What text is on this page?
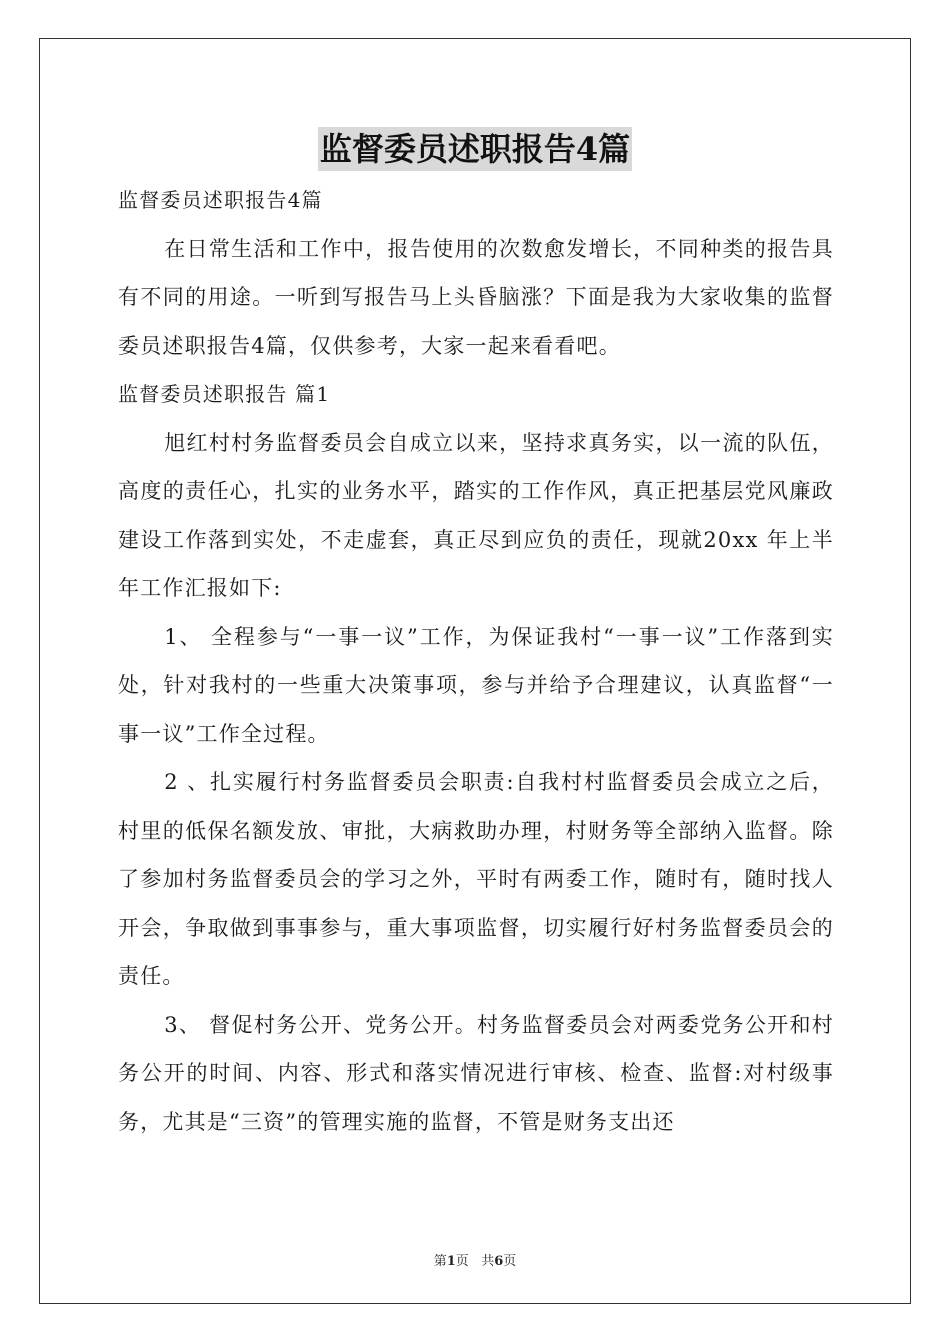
监督委员述职报告4篇

监督委员述职报告4篇

在日常生活和工作中，报告使用的次数愈发增长，不同种类的报告具有不同的用途。一听到写报告马上头昏脑涨？下面是我为大家收集的监督委员述职报告4篇，仅供参考，大家一起来看看吧。

监督委员述职报告 篇1

旭红村村务监督委员会自成立以来，坚持求真务实，以一流的队伍，高度的责任心，扎实的业务水平，踏实的工作作风，真正把基层党风廉政建设工作落到实处，不走虚套，真正尽到应负的责任，现就20xx 年上半年工作汇报如下:

1、 全程参与“一事一议”工作，为保证我村“一事一议”工作落到实处，针对我村的一些重大决策事项，参与并给予合理建议，认真监督“一事一议”工作全过程。

2 、扎实履行村务监督委员会职责:自我村村监督委员会成立之后，村里的低保名额发放、审批，大病救助办理，村财务等全部纳入监督。除了参加村务监督委员会的学习之外，平时有两委工作，随时有，随时找人开会，争取做到事事参与，重大事项监督，切实履行好村务监督委员会的责任。

3、 督促村务公开、党务公开。村务监督委员会对两委党务公开和村务公开的时间、内容、形式和落实情况进行审核、检查、监督:对村级事务，尤其是“三资”的管理实施的监督，不管是财务支出还

第1页 共6页
